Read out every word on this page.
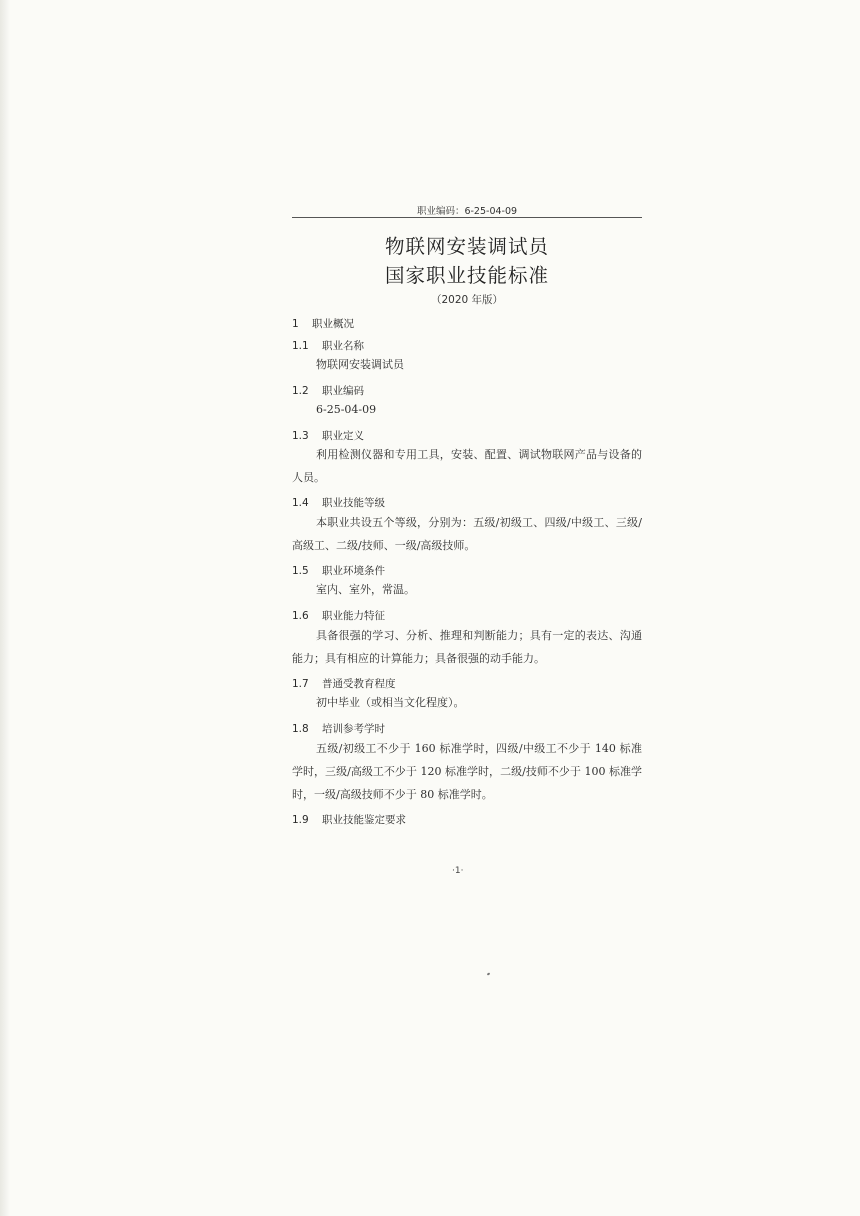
职业编码：6-25-04-09
物联网安装调试员
国家职业技能标准
（2020 年版）
1 职业概况
1.1 职业名称
物联网安装调试员
1.2 职业编码
6-25-04-09
1.3 职业定义
利用检测仪器和专用工具，安装、配置、调试物联网产品与设备的人员。
1.4 职业技能等级
本职业共设五个等级，分别为：五级/初级工、四级/中级工、三级/高级工、二级/技师、一级/高级技师。
1.5 职业环境条件
室内、室外，常温。
1.6 职业能力特征
具备很强的学习、分析、推理和判断能力；具有一定的表达、沟通能力；具有相应的计算能力；具备很强的动手能力。
1.7 普通受教育程度
初中毕业（或相当文化程度）。
1.8 培训参考学时
五级/初级工不少于 160 标准学时，四级/中级工不少于 140 标准学时，三级/高级工不少于 120 标准学时，二级/技师不少于 100 标准学时，一级/高级技师不少于 80 标准学时。
1.9 职业技能鉴定要求
·1·
